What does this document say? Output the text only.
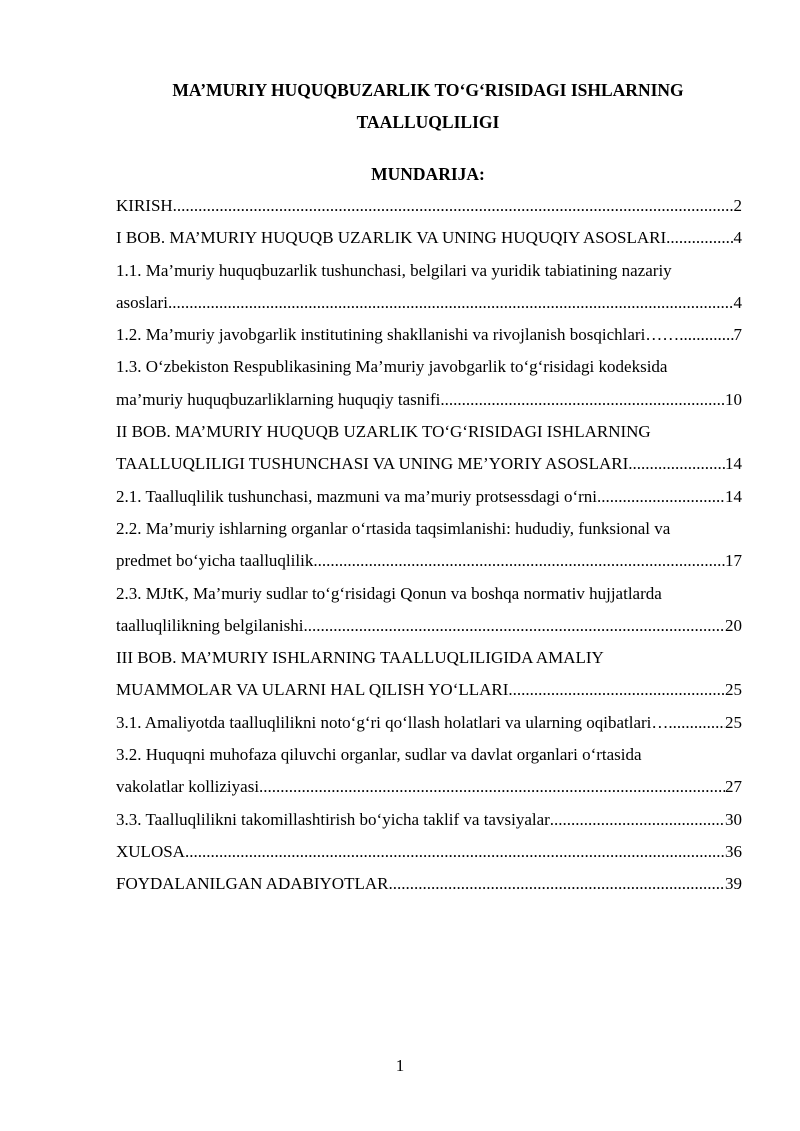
MA’MURIY HUQUQBUZARLIK TO‘G‘RISIDAGI ISHLARNING
TAALLUQLILIGI
MUNDARIJA:
KIRISH .....	2
I BOB. MA’MURIY HUQUQB UZARLIK VA UNING HUQUQIY ASOSLARI .....	4
1.1. Ma’muriy huquqbuzarlik tushunchasi, belgilari va yuridik tabiatining nazariy
asoslari .....	4
1.2. Ma’muriy javobgarlik institutining shakllanishi va rivojlanish bosqichlari…… .....	7
1.3. O‘zbekiston Respublikasining Ma’muriy javobgarlik to‘g‘risidagi kodeksida
ma’muriy huquqbuzarliklarning huquqiy tasnifi .....	10
II BOB. MA’MURIY HUQUQB UZARLIK TO‘G‘RISIDAGI ISHLARNING
TAALLUQLILIGI TUSHUNCHASI VA UNING ME’YORIY ASOSLARI .....	14
2.1. Taalluqlilik tushunchasi, mazmuni va ma’muriy protsessdagi o‘rni .....	14
2.2. Ma’muriy ishlarning organlar o‘rtasida taqsimlanishi: hududiy, funksional va
predmet bo‘yicha taalluqlilik .....	17
2.3. MJtK, Ma’muriy sudlar to‘g‘risidagi Qonun va boshqa normativ hujjatlarda
taalluqlilikning belgilanishi .....	20
III BOB. MA’MURIY ISHLARNING TAALLUQLILIGIDA AMALIY
MUAMMOLAR VA ULARNI HAL QILISH YO‘LLARI .....	25
3.1. Amaliyotda taalluqlilikni noto‘g‘ri qo‘llash holatlari va ularning oqibatlari… .....	25
3.2. Huquqni muhofaza qiluvchi organlar, sudlar va davlat organlari o‘rtasida
vakolatlar kolliziyasi .....	27
3.3. Taalluqlilikni takomillashtirish bo‘yicha taklif va tavsiyalar .....	30
XULOSA .....	36
FOYDALANILGAN ADABIYOTLAR .....	39
1
